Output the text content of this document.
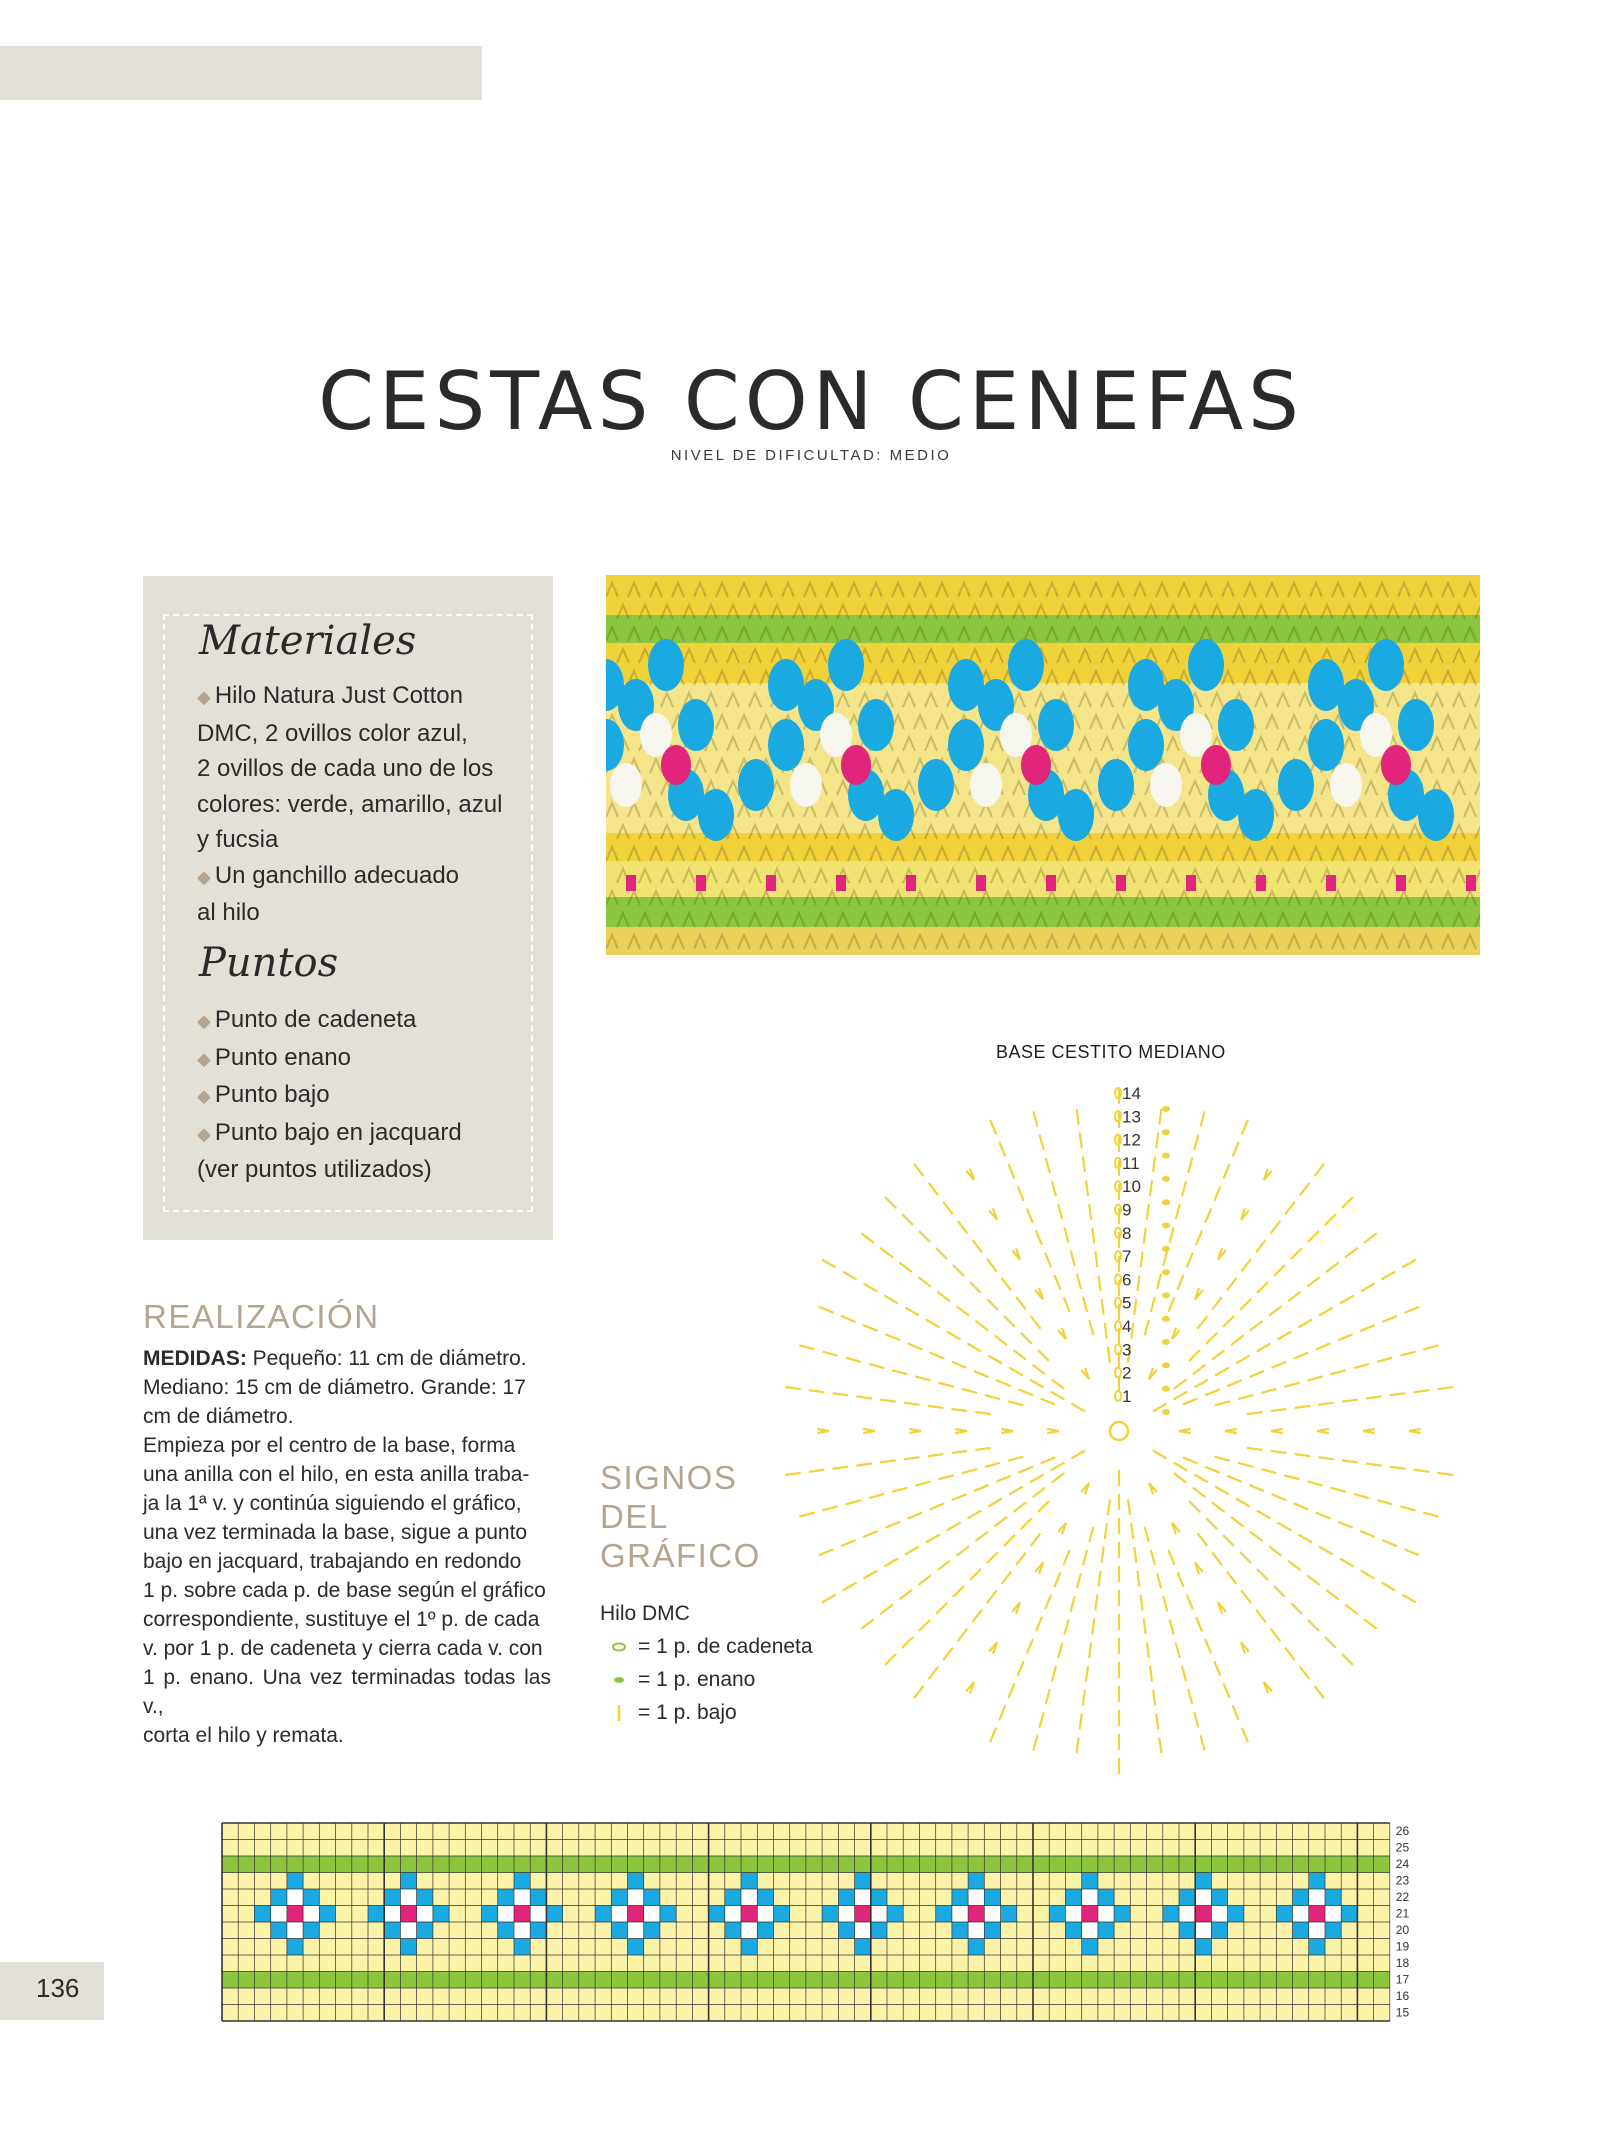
CESTAS CON CENEFAS
NIVEL DE DIFICULTAD: MEDIO
Materiales
◆ Hilo Natura Just Cotton
DMC, 2 ovillos color azul,
2 ovillos de cada uno de los
colores: verde, amarillo, azul
y fucsia
◆ Un ganchillo adecuado
al hilo
Puntos
◆ Punto de cadeneta
◆ Punto enano
◆ Punto bajo
◆ Punto bajo en jacquard
(ver puntos utilizados)
BASE CESTITO MEDIANO
14
13
12
11
10
9
8
7
6
5
4
3
2
1
REALIZACIÓN
MEDIDAS: Pequeño: 11 cm de diámetro.
Mediano: 15 cm de diámetro. Grande: 17
cm de diámetro.
Empieza por el centro de la base, forma
una anilla con el hilo, en esta anilla traba-
ja la 1ª v. y continúa siguiendo el gráfico,
una vez terminada la base, sigue a punto
bajo en jacquard, trabajando en redondo
1 p. sobre cada p. de base según el gráfico
correspondiente, sustituye el 1º p. de cada
v. por 1 p. de cadeneta y cierra cada v. con
1 p. enano. Una vez terminadas todas las v.,
corta el hilo y remata.
SIGNOS
DEL
GRÁFICO
Hilo DMC
= 1 p. de cadeneta
= 1 p. enano
= 1 p. bajo
26
25
24
23
22
21
20
19
18
17
16
15
136
